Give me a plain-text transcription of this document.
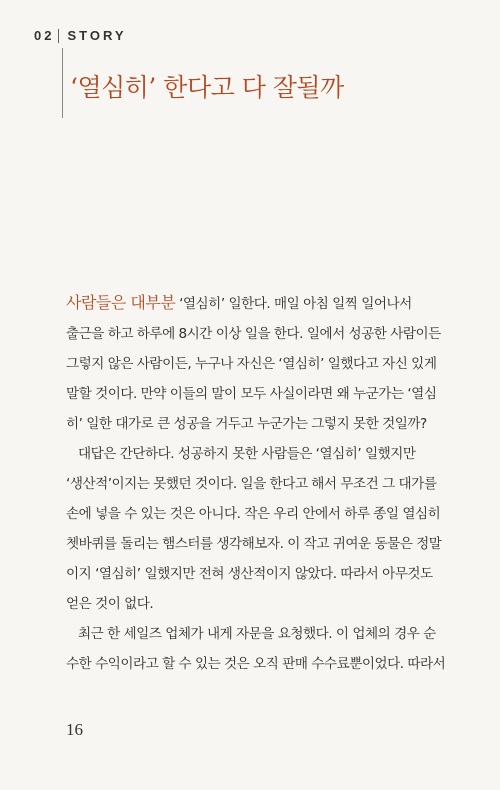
02 STORY
‘열심히’ 한다고 다 잘될까

사람들은 대부분 ‘열심히’ 일한다. 매일 아침 일찍 일어나서
출근을 하고 하루에 8시간 이상 일을 한다. 일에서 성공한 사람이든
그렇지 않은 사람이든, 누구나 자신은 ‘열심히’ 일했다고 자신 있게
말할 것이다. 만약 이들의 말이 모두 사실이라면 왜 누군가는 ‘열심
히’ 일한 대가로 큰 성공을 거두고 누군가는 그렇지 못한 것일까?

대답은 간단하다. 성공하지 못한 사람들은 ‘열심히’ 일했지만
‘생산적’이지는 못했던 것이다. 일을 한다고 해서 무조건 그 대가를
손에 넣을 수 있는 것은 아니다. 작은 우리 안에서 하루 종일 열심히
쳇바퀴를 돌리는 햄스터를 생각해보자. 이 작고 귀여운 동물은 정말
이지 ‘열심히’ 일했지만 전혀 생산적이지 않았다. 따라서 아무것도
얻은 것이 없다.

최근 한 세일즈 업체가 내게 자문을 요청했다. 이 업체의 경우 순
수한 수익이라고 할 수 있는 것은 오직 판매 수수료뿐이었다. 따라서

16
